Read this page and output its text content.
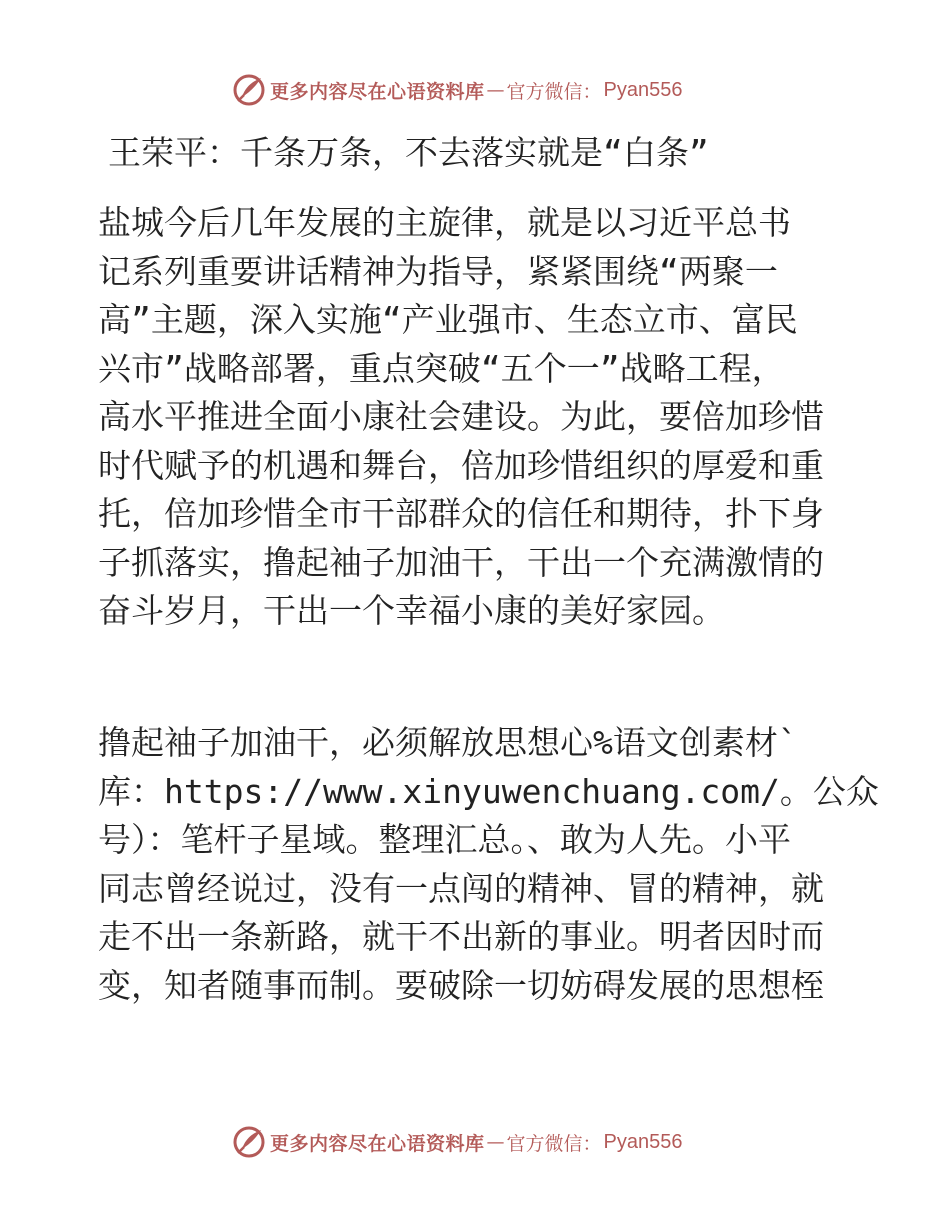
更多内容尽在心语资料库 — 官方微信： Pyan556
王荣平：千条万条，不去落实就是“白条”
盐城今后几年发展的主旋律，就是以习近平总书
记系列重要讲话精神为指导，紧紧围绕“两聚一
高”主题，深入实施“产业强市、生态立市、富民
兴市”战略部署，重点突破“五个一”战略工程，
高水平推进全面小康社会建设。为此，要倍加珍惜
时代赋予的机遇和舞台，倍加珍惜组织的厚爱和重
托，倍加珍惜全市干部群众的信任和期待，扑下身
子抓落实，撸起袖子加油干，干出一个充满激情的
奋斗岁月，干出一个幸福小康的美好家园。
撸起袖子加油干，必须解放思想心%语文创素材`
库：https://www.xinyuwenchuang.com/。公众
号）：笔杆子星域。整理汇总。、敢为人先。小平
同志曾经说过，没有一点闯的精神、冒的精神，就
走不出一条新路，就干不出新的事业。明者因时而
变，知者随事而制。要破除一切妨碍发展的思想桎
更多内容尽在心语资料库 — 官方微信： Pyan556
